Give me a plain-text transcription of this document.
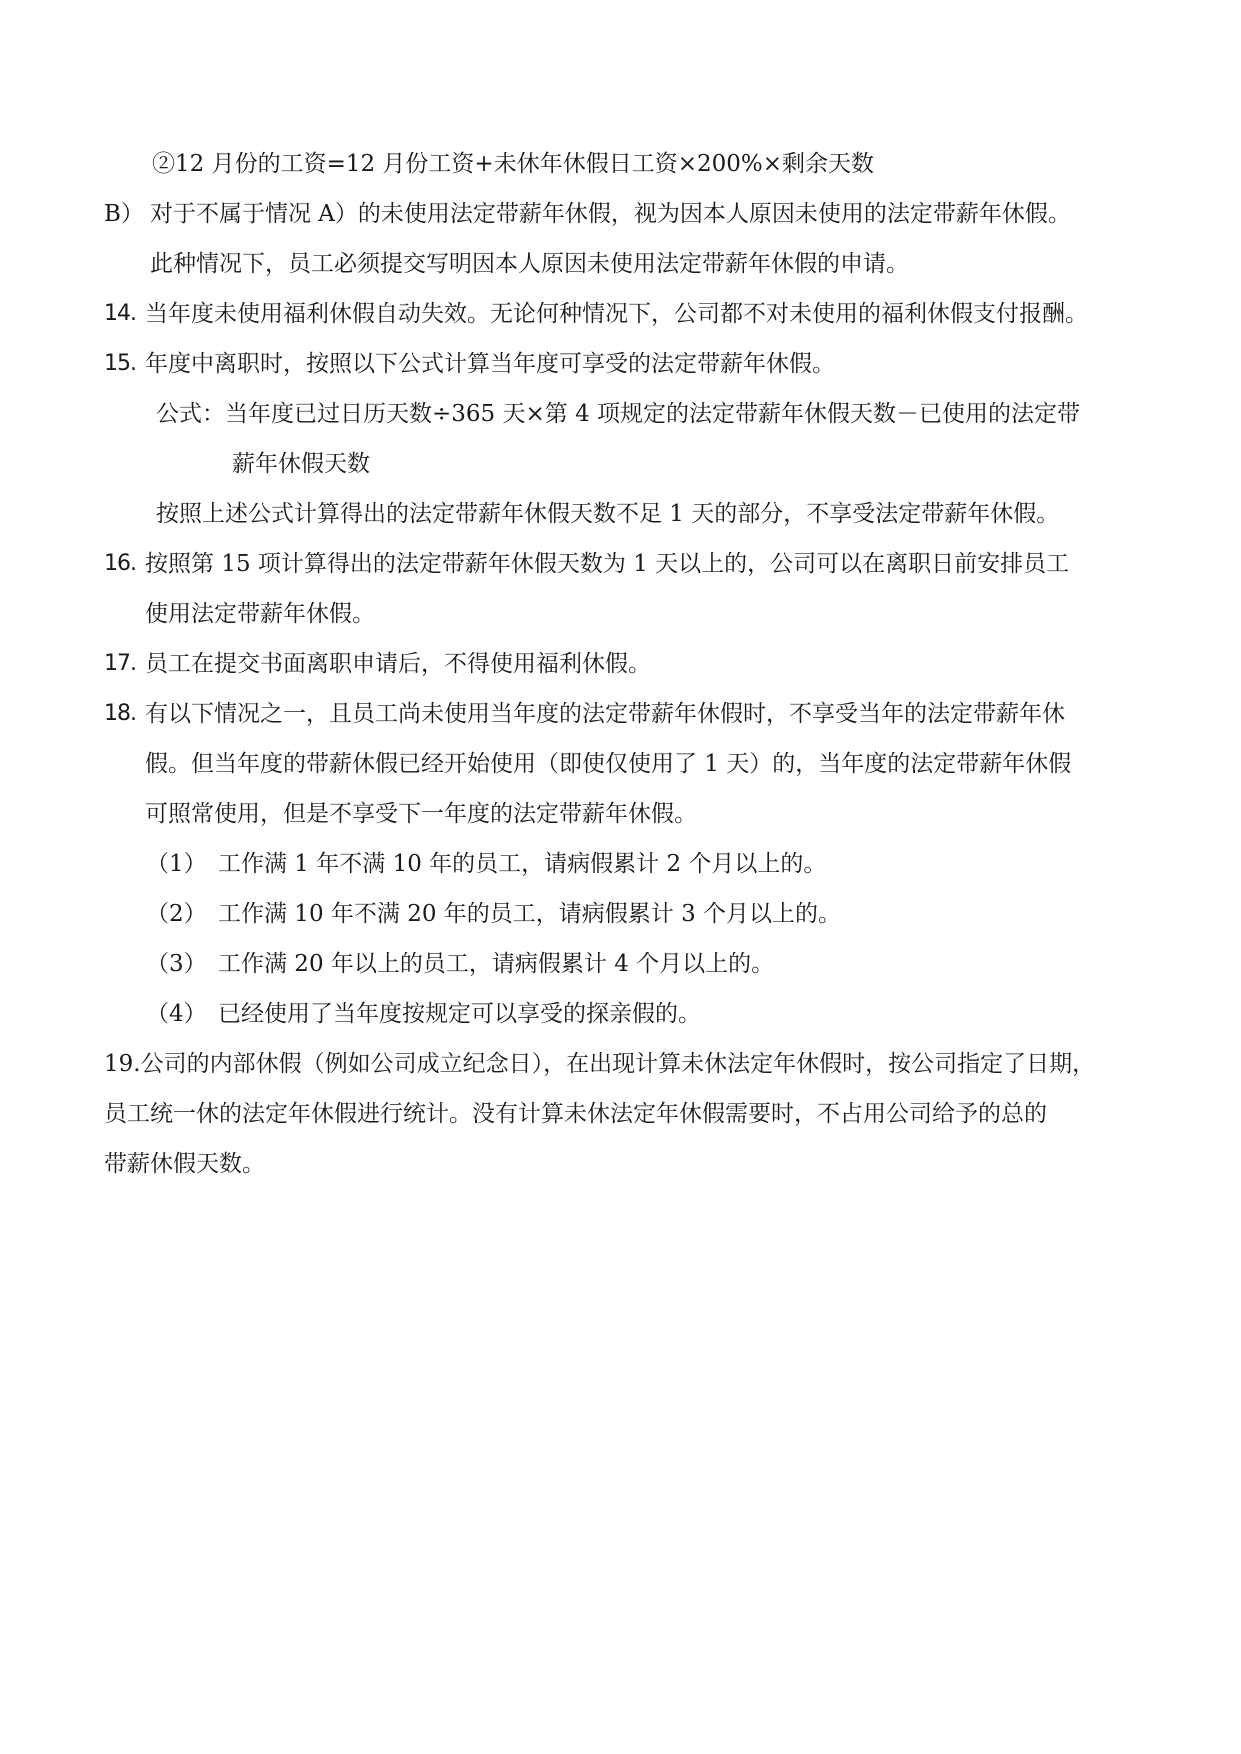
②12 月份的工资=12 月份工资+未休年休假日工资×200%×剩余天数
B） 对于不属于情况 A）的未使用法定带薪年休假，视为因本人原因未使用的法定带薪年休假。
此种情况下，员工必须提交写明因本人原因未使用法定带薪年休假的申请。
14. 当年度未使用福利休假自动失效。无论何种情况下，公司都不对未使用的福利休假支付报酬。
15. 年度中离职时，按照以下公式计算当年度可享受的法定带薪年休假。
公式：当年度已过日历天数÷365 天×第 4 项规定的法定带薪年休假天数－已使用的法定带
薪年休假天数
按照上述公式计算得出的法定带薪年休假天数不足 1 天的部分，不享受法定带薪年休假。
16. 按照第 15 项计算得出的法定带薪年休假天数为 1 天以上的，公司可以在离职日前安排员工
使用法定带薪年休假。
17. 员工在提交书面离职申请后，不得使用福利休假。
18. 有以下情况之一，且员工尚未使用当年度的法定带薪年休假时，不享受当年的法定带薪年休
假。但当年度的带薪休假已经开始使用（即使仅使用了 1 天）的，当年度的法定带薪年休假
可照常使用，但是不享受下一年度的法定带薪年休假。
（1） 工作满 1 年不满 10 年的员工，请病假累计 2 个月以上的。
（2） 工作满 10 年不满 20 年的员工，请病假累计 3 个月以上的。
（3） 工作满 20 年以上的员工，请病假累计 4 个月以上的。
（4） 已经使用了当年度按规定可以享受的探亲假的。
19.公司的内部休假（例如公司成立纪念日），在出现计算未休法定年休假时，按公司指定了日期，
员工统一休的法定年休假进行统计。没有计算未休法定年休假需要时，不占用公司给予的总的
带薪休假天数。
